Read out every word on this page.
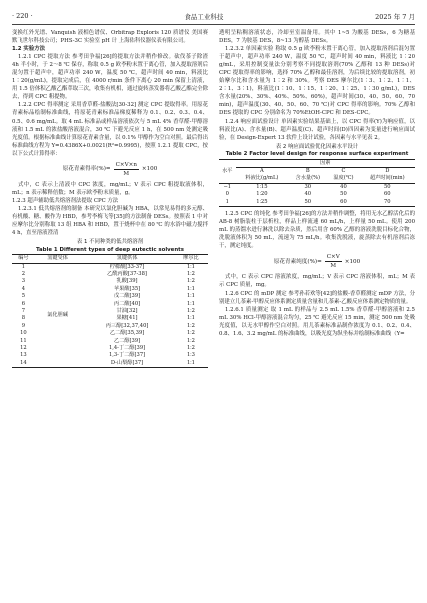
· 220 ·	食品工业科技	2025 年 7 月

变换红外光谱、Vanquish 液相色谱仪、Orbitrap Exploris 120 质谱仪 美国赛默飞世尔科技公司；PHS-3C 实验室 pH 计 上海佑科仪器仪表有限公司。

1.2 实验方法

1.2.1 CPC 提取方法 参考田争福[26]的提取方法并稍作修改。砍伐茶子除渣 4h 半小时，于 2～8 ℃ 保存，称取 0.5 g 欧李粉末置于离心管，加入提取溶剂后混匀置于超声中，超声功率 240 W，温度 50 ℃，超声时间 40 min，料液比 1∶20(g/mL)，提取完成后，在 4000 r/min 条件下离心 20 min 保留上清液，用 1.5 倍体积乙酸乙酯萃取三次，收集有机相，通过旋转蒸发器将乙酸乙酯完全除去，得到 CPC 粗提物。

1.2.2 CPC 得率测定 采用香草醛-盐酸法[30-32] 测定 CPC 提取得率。用原花青素标品绘制标准曲线，将原花青素标准品梯度稀释为 0.1、0.2、0.3、0.4、0.5、0.6 mg/mL。取 4 mL 标准品或样品溶液依次与 5 mL 4% 香草醛-甲醇溶液和 1.5 mL 的浓盐酸溶液混合，30 ℃ 下避光反应 1 h，在 500 nm 处测定吸光度值。根据标准曲线计算原花青素含量，以 0.1% 甲醇作为空白对照。最后得出标准曲线方程为 Y=0.4386X+0.0021(R²=0.9995)，按照 1.2.1 提取 CPC，按以下公式计算得率：

原花青素得率(%)= $\frac{C\times V\times n}{M} \times 100$

式中，C 表示上清液中 CPC 浓度，mg/mL；V 表示 CPC 粗提取液体积，mL；n 表示稀释倍数；M 表示欧李粉末质量，g。

1.2.3 超声辅助低共熔溶剂法提取 CPC 方法

1.2.3.1 低共熔溶剂的制备 本研究以氯化胆碱为 HBA，以常见易得的多元醇、有机酸、糖、酸作为 HBD，参考李梅飞等[35]的方法制备 DESs。按照表 1 中对应摩尔比分别称取 13 组 HBA 和 HBD，置于烧杯中在 80 ℃ 的水浴中磁力搅拌 4 h，直至溶液澄清

表 1 不同种类的低共熔溶剂
Table 1 Different types of deep eutectic solvents
编号	氢键受体	氢键供体	摩尔比
1	氯化胆碱	柠檬酸[33-37]	1∶1
2		乙酰丙酸[37-38]	1∶2
3		乳酸[39]	1∶2
4		苹果酸[35]	1∶1
5		戊二酸[39]	1∶1
6		丙二酸[40]	1∶1
7		甘油[32]	1∶2
8		果糖[41]	1∶1
9		丙三醇[32,37,40]	1∶2
10		乙二醇[35,39]	1∶2
11		乙二醇[39]	1∶2
12		1,4-丁二醇[39]	1∶2
13		1,3-丁二醇[37]	1∶3
14		D-山梨醇[37]	1∶1

透明呈粘稠溶液状态，冷却至室温备用。其中 1~5 为酸基 DESs，6 为糖基 DES，7 为胺基 DES，8~13 为醇基 DESs。

1.2.3.2 单因素实验 称取 0.5 g 欧李粉末置于离心管，加入提取溶剂后混匀置于超声中，超声功率 240 W，温度 50 ℃，超声时间 40 min，料液比 1∶20 g/mL，采用控制变量法分别考察不同提取溶剂(70% 乙醇和 13 种 DESs)对 CPC 提取得率的影响，选择 70% 乙醇和最佳溶剂，为后续比较的提取溶剂，初始摩尔比和含水量为 1∶2 和 30%。考察 DES 摩尔比(1∶3、1∶2、1∶1、2∶1、3∶1)，料液比(1∶10、1∶15、1∶20、1∶25、1∶30 g/mL)，DES 含水量(20%、30%、40%、50%、60%)，超声时间(30、40、50、60、70 min)，超声温度(30、40、50、60、70 ℃)对 CPC 得率的影响。70% 乙醇和 DES 提取的 CPC 分别命名为 70%EtOH-CPC 和 DES-CPC。

1.2.4 响应面试验设计 单因素实验结果基础上，以 CPC 得率(Y)为响应值，以料液比(A)、含水量(B)、超声温度(C)、超声时间(D)四因素为变量进行响应面试验，在 Design-Expert 13 软件上设计试验，各因素与水平见表 2。

表 2 响应面试验优化因素水平设计
Table 2 Factor level design for response surface experiment
水平	因素			
	A	B	C	D
	料液比(g/mL)	含水量(%)	温度(℃)	超声时间(min)
−1	1∶15	30	40	50
0	1∶20	40	50	60
1	1∶25	50	60	70

1.2.5 CPC 的纯化 参考田争福[26]的方法并稍作调整，将用无水乙醇活化后的 AB-8 树脂装柱于层析柱，样品上样流速 60 mL/h，上样量 50 mL。使用 200 mL 的蒸馏水进行淋洗以除去杂质，然后用含 60% 乙醇的溶液洗脱目标化合物，洗脱液体积为 50 mL，流速为 75 mL/h。收集洗脱液，旋蒸除去有机溶剂后冻干，测定纯度。

原花青素纯度(%)= $\frac{C\times V}{M} \times 100$

式中，C 表示 CPC 溶液浓度，mg/mL；V 表示 CPC 溶液体积，mL；M 表示 CPC 质量，mg。

1.2.6 CPC 的 mDP 测定 参考孙若欢等[42]的盐酸-香草醛测定 mDP 方法，分别建立儿茶素-甲醇反应体系测定质量含量和儿茶素-乙酸反应体系测定物质的量。

1.2.6.1 质量测定 取 1 mL 的样品与 2.5 mL 1.5% 香草醛-甲醇溶液和 2.5 mL 30% HCl-甲醇溶液混合均匀，25 ℃ 避光反应 15 min，测定 500 nm 处吸光度值，以无水甲醇作空白对照。用儿茶素标准品制作浓度为 0.1、0.2、0.4、0.8、1.6、3.2 mg/mL 的标准曲线，以吸光度为纵坐标并绘制标准曲线（Y=
